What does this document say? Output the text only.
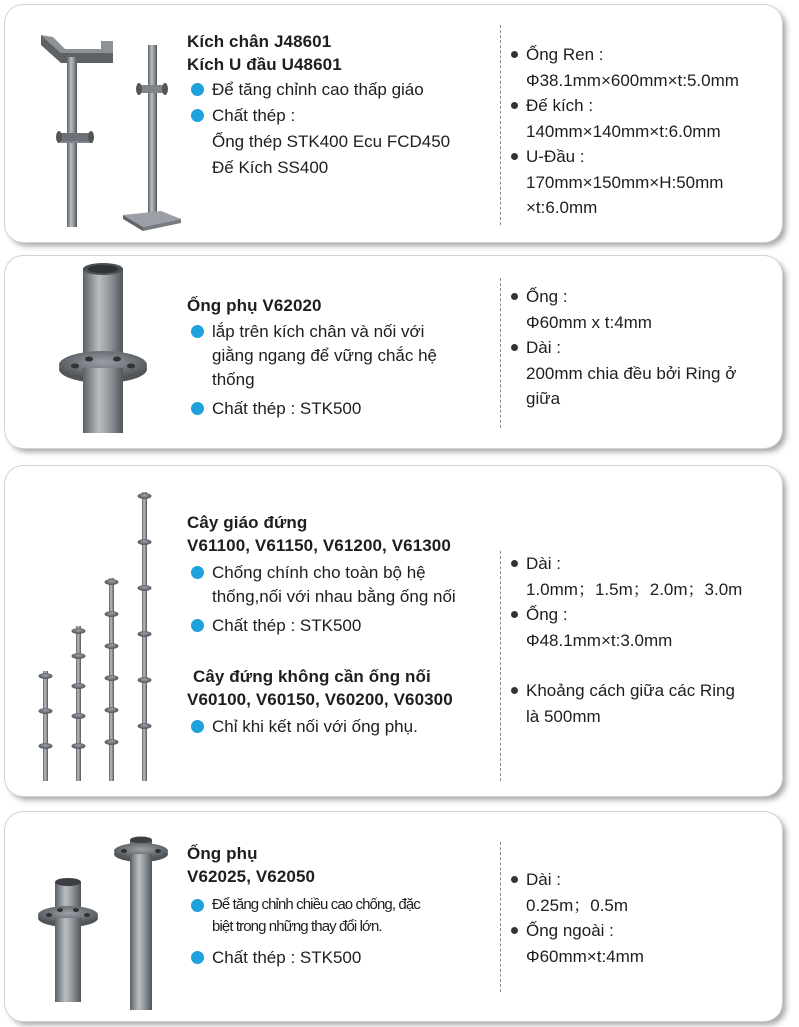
Kích chân J48601
Kích U đầu U48601
Để tăng chỉnh cao thấp giáo
Chất thép :
Ống thép STK400 Ecu FCD450
Đế Kích SS400
Ống Ren :
Φ38.1mm×600mm×t:5.0mm
Đế kích :
140mm×140mm×t:6.0mm
U-Đầu :
170mm×150mm×H:50mm
×t:6.0mm
Ống phụ V62020
lắp trên kích chân và nối với
giằng ngang để vững chắc hệ
thống
Chất thép : STK500
Ống :
Φ60mm x t:4mm
Dài :
200mm chia đều bởi Ring ở
giữa
Cây giáo đứng
V61100, V61150, V61200, V61300
Chống chính cho toàn bộ hệ
thống,nối với nhau bằng ống nối
Chất thép : STK500
Cây đứng không cần ống nối
V60100, V60150, V60200, V60300
Chỉ khi kết nối với ống phụ.
Dài :
1.0mm；1.5m；2.0m；3.0m
Ống :
Φ48.1mm×t:3.0mm
Khoảng cách giữa các Ring
là 500mm
Ống phụ
V62025, V62050
Để tăng chỉnh chiều cao chống, đặc
biệt trong những thay đổi lớn.
Chất thép : STK500
Dài :
0.25m；0.5m
Ống ngoài :
Φ60mm×t:4mm
